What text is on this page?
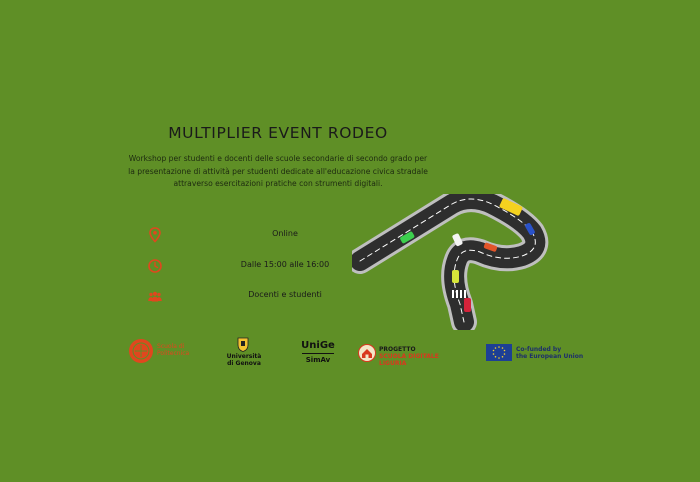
MULTIPLIER EVENT RODEO
Workshop per studenti e docenti delle scuole secondarie di secondo grado per la presentazione di attività per studenti dedicate all'educazione civica stradale attraverso esercitazioni pratiche con strumenti digitali.
Online
Dalle 15:00 alle 16:00
Docenti e studenti
Scuola di
Politecnica	Università
di Genova
UniGe
SimAv
PROGETTO
SCUOLA DIGITALE LIGURIA
Co-funded by
the European Union
